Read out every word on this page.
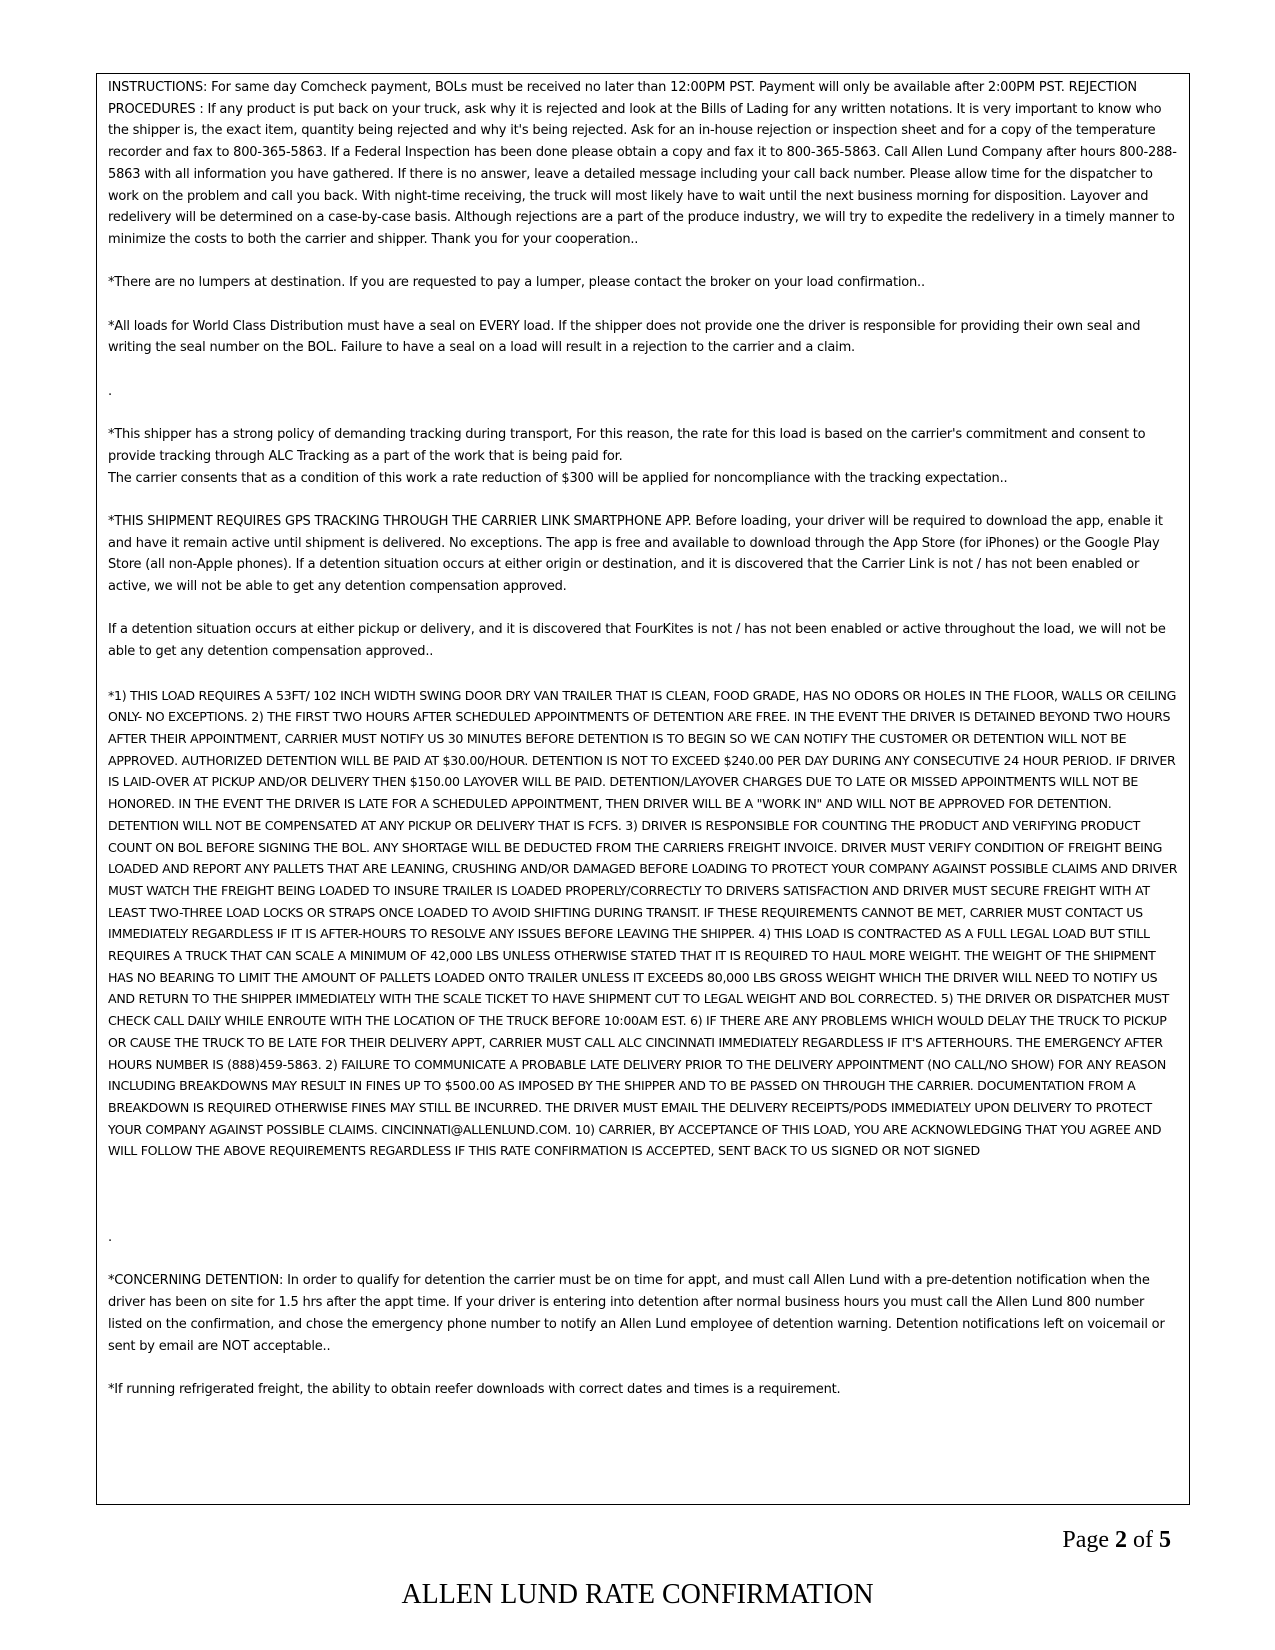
INSTRUCTIONS: For same day Comcheck payment, BOLs must be received no later than 12:00PM PST. Payment will only be available after 2:00PM PST. REJECTION PROCEDURES : If any product is put back on your truck, ask why it is rejected and look at the Bills of Lading for any written notations. It is very important to know who the shipper is, the exact item, quantity being rejected and why it's being rejected. Ask for an in-house rejection or inspection sheet and for a copy of the temperature recorder and fax to 800-365-5863. If a Federal Inspection has been done please obtain a copy and fax it to 800-365-5863. Call Allen Lund Company after hours 800-288- 5863 with all information you have gathered. If there is no answer, leave a detailed message including your call back number. Please allow time for the dispatcher to work on the problem and call you back. With night-time receiving, the truck will most likely have to wait until the next business morning for disposition. Layover and redelivery will be determined on a case-by-case basis. Although rejections are a part of the produce industry, we will try to expedite the redelivery in a timely manner to minimize the costs to both the carrier and shipper. Thank you for your cooperation..

*There are no lumpers at destination. If you are requested to pay a lumper, please contact the broker on your load confirmation..

*All loads for World Class Distribution must have a seal on EVERY load. If the shipper does not provide one the driver is responsible for providing their own seal and writing the seal number on the BOL. Failure to have a seal on a load will result in a rejection to the carrier and a claim.

.

*This shipper has a strong policy of demanding tracking during transport, For this reason, the rate for this load is based on the carrier's commitment and consent to provide tracking through ALC Tracking as a part of the work that is being paid for.

The carrier consents that as a condition of this work a rate reduction of $300 will be applied for noncompliance with the tracking expectation..

*THIS SHIPMENT REQUIRES GPS TRACKING THROUGH THE CARRIER LINK SMARTPHONE APP. Before loading, your driver will be required to download the app, enable it and have it remain active until shipment is delivered. No exceptions. The app is free and available to download through the App Store (for iPhones) or the Google Play Store (all non-Apple phones). If a detention situation occurs at either origin or destination, and it is discovered that the Carrier Link is not / has not been enabled or active, we will not be able to get any detention compensation approved.

If a detention situation occurs at either pickup or delivery, and it is discovered that FourKites is not / has not been enabled or active throughout the load, we will not be able to get any detention compensation approved..

*1) THIS LOAD REQUIRES A 53FT/ 102 INCH WIDTH SWING DOOR DRY VAN TRAILER THAT IS CLEAN, FOOD GRADE, HAS NO ODORS OR HOLES IN THE FLOOR, WALLS OR CEILING ONLY- NO EXCEPTIONS. 2) THE FIRST TWO HOURS AFTER SCHEDULED APPOINTMENTS OF DETENTION ARE FREE. IN THE EVENT THE DRIVER IS DETAINED BEYOND TWO HOURS AFTER THEIR APPOINTMENT, CARRIER MUST NOTIFY US 30 MINUTES BEFORE DETENTION IS TO BEGIN SO WE CAN NOTIFY THE CUSTOMER OR DETENTION WILL NOT BE APPROVED. AUTHORIZED DETENTION WILL BE PAID AT $30.00/HOUR. DETENTION IS NOT TO EXCEED $240.00 PER DAY DURING ANY CONSECUTIVE 24 HOUR PERIOD. IF DRIVER IS LAID-OVER AT PICKUP AND/OR DELIVERY THEN $150.00 LAYOVER WILL BE PAID. DETENTION/LAYOVER CHARGES DUE TO LATE OR MISSED APPOINTMENTS WILL NOT BE HONORED. IN THE EVENT THE DRIVER IS LATE FOR A SCHEDULED APPOINTMENT, THEN DRIVER WILL BE A "WORK IN" AND WILL NOT BE APPROVED FOR DETENTION. DETENTION WILL NOT BE COMPENSATED AT ANY PICKUP OR DELIVERY THAT IS FCFS. 3) DRIVER IS RESPONSIBLE FOR COUNTING THE PRODUCT AND VERIFYING PRODUCT COUNT ON BOL BEFORE SIGNING THE BOL. ANY SHORTAGE WILL BE DEDUCTED FROM THE CARRIERS FREIGHT INVOICE. DRIVER MUST VERIFY CONDITION OF FREIGHT BEING LOADED AND REPORT ANY PALLETS THAT ARE LEANING, CRUSHING AND/OR DAMAGED BEFORE LOADING TO PROTECT YOUR COMPANY AGAINST POSSIBLE CLAIMS AND DRIVER MUST WATCH THE FREIGHT BEING LOADED TO INSURE TRAILER IS LOADED PROPERLY/CORRECTLY TO DRIVERS SATISFACTION AND DRIVER MUST SECURE FREIGHT WITH AT LEAST TWO-THREE LOAD LOCKS OR STRAPS ONCE LOADED TO AVOID SHIFTING DURING TRANSIT. IF THESE REQUIREMENTS CANNOT BE MET, CARRIER MUST CONTACT US IMMEDIATELY REGARDLESS IF IT IS AFTER-HOURS TO RESOLVE ANY ISSUES BEFORE LEAVING THE SHIPPER. 4) THIS LOAD IS CONTRACTED AS A FULL LEGAL LOAD BUT STILL REQUIRES A TRUCK THAT CAN SCALE A MINIMUM OF 42,000 LBS UNLESS OTHERWISE STATED THAT IT IS REQUIRED TO HAUL MORE WEIGHT. THE WEIGHT OF THE SHIPMENT HAS NO BEARING TO LIMIT THE AMOUNT OF PALLETS LOADED ONTO TRAILER UNLESS IT EXCEEDS 80,000 LBS GROSS WEIGHT WHICH THE DRIVER WILL NEED TO NOTIFY US AND RETURN TO THE SHIPPER IMMEDIATELY WITH THE SCALE TICKET TO HAVE SHIPMENT CUT TO LEGAL WEIGHT AND BOL CORRECTED. 5) THE DRIVER OR DISPATCHER MUST CHECK CALL DAILY WHILE ENROUTE WITH THE LOCATION OF THE TRUCK BEFORE 10:00AM EST. 6) IF THERE ARE ANY PROBLEMS WHICH WOULD DELAY THE TRUCK TO PICKUP OR CAUSE THE TRUCK TO BE LATE FOR THEIR DELIVERY APPT, CARRIER MUST CALL ALC CINCINNATI IMMEDIATELY REGARDLESS IF IT'S AFTERHOURS. THE EMERGENCY AFTER HOURS NUMBER IS (888)459-5863. 2) FAILURE TO COMMUNICATE A PROBABLE LATE DELIVERY PRIOR TO THE DELIVERY APPOINTMENT (NO CALL/NO SHOW) FOR ANY REASON INCLUDING BREAKDOWNS MAY RESULT IN FINES UP TO $500.00 AS IMPOSED BY THE SHIPPER AND TO BE PASSED ON THROUGH THE CARRIER. DOCUMENTATION FROM A BREAKDOWN IS REQUIRED OTHERWISE FINES MAY STILL BE INCURRED. THE DRIVER MUST EMAIL THE DELIVERY RECEIPTS/PODS IMMEDIATELY UPON DELIVERY TO PROTECT YOUR COMPANY AGAINST POSSIBLE CLAIMS. CINCINNATI@ALLENLUND.COM. 10) CARRIER, BY ACCEPTANCE OF THIS LOAD, YOU ARE ACKNOWLEDGING THAT YOU AGREE AND WILL FOLLOW THE ABOVE REQUIREMENTS REGARDLESS IF THIS RATE CONFIRMATION IS ACCEPTED, SENT BACK TO US SIGNED OR NOT SIGNED

.

*CONCERNING DETENTION: In order to qualify for detention the carrier must be on time for appt, and must call Allen Lund with a pre-detention notification when the driver has been on site for 1.5 hrs after the appt time. If your driver is entering into detention after normal business hours you must call the Allen Lund 800 number listed on the confirmation, and chose the emergency phone number to notify an Allen Lund employee of detention warning. Detention notifications left on voicemail or sent by email are NOT acceptable..

*If running refrigerated freight, the ability to obtain reefer downloads with correct dates and times is a requirement.

Page 2 of 5
ALLEN LUND RATE CONFIRMATION
